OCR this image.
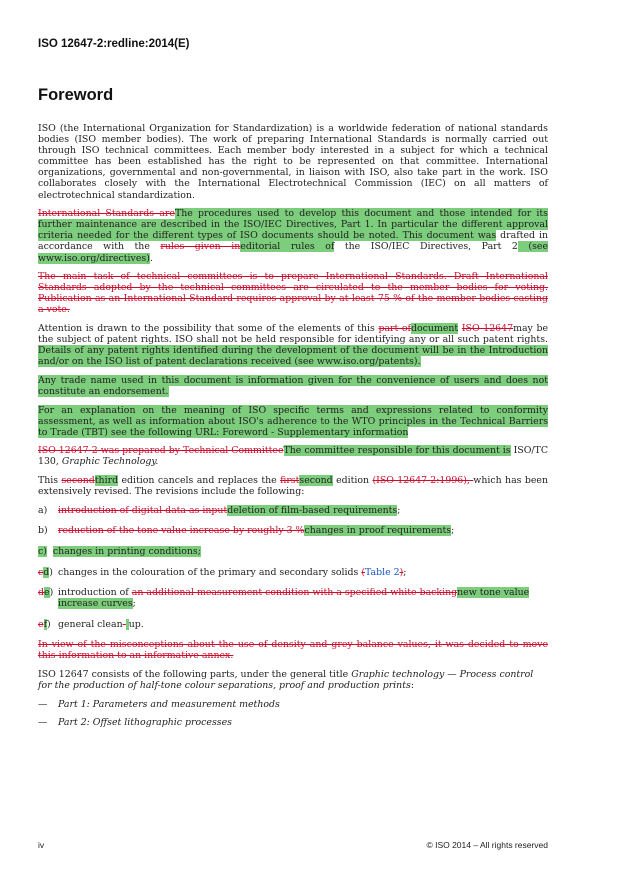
ISO 12647-2:redline:2014(E)
Foreword

ISO (the International Organization for Standardization) is a worldwide federation of national standards bodies (ISO member bodies). The work of preparing International Standards is normally carried out through ISO technical committees. Each member body interested in a subject for which a technical committee has been established has the right to be represented on that committee. International organizations, governmental and non-governmental, in liaison with ISO, also take part in the work. ISO collaborates closely with the International Electrotechnical Commission (IEC) on all matters of electrotechnical standardization.

International Standards areThe procedures used to develop this document and those intended for its further maintenance are described in the ISO/IEC Directives, Part 1. In particular the different approval criteria needed for the different types of ISO documents should be noted. This document was drafted in accordance with the rules given ineditorial rules of the ISO/IEC Directives, Part 2 (see www.iso.org/directives).

The main task of technical committees is to prepare International Standards. Draft International Standards adopted by the technical committees are circulated to the member bodies for voting. Publication as an International Standard requires approval by at least 75 % of the member bodies casting a vote.

Attention is drawn to the possibility that some of the elements of this part ofdocument ISO 12647may be the subject of patent rights. ISO shall not be held responsible for identifying any or all such patent rights. Details of any patent rights identified during the development of the document will be in the Introduction and/or on the ISO list of patent declarations received (see www.iso.org/patents).

Any trade name used in this document is information given for the convenience of users and does not constitute an endorsement.

For an explanation on the meaning of ISO specific terms and expressions related to conformity assessment, as well as information about ISO's adherence to the WTO principles in the Technical Barriers to Trade (TBT) see the following URL: Foreword - Supplementary information

ISO 12647-2 was prepared by Technical CommitteeThe committee responsible for this document is ISO/TC 130, Graphic Technology.

This secondthird edition cancels and replaces the firstsecond edition (ISO 12647-2:1996), which has been extensively revised. The revisions include the following:

a)	introduction of digital data as inputdeletion of film-based requirements;
b)	reduction of the tone value increase by roughly 3 %changes in proof requirements;
c) changes in printing conditions;
cd) changes in the colouration of the primary and secondary solids (Table 2);
de) introduction of an additional measurement condition with a specified white backingnew tone value increase curves;
ef) general clean- up.

In view of the misconceptions about the use of density and grey balance values, it was decided to move this information to an informative annex.

ISO 12647 consists of the following parts, under the general title Graphic technology — Process control for the production of half-tone colour separations, proof and production prints:

—	Part 1: Parameters and measurement methods
—	Part 2: Offset lithographic processes
iv	© ISO 2014 – All rights reserved
